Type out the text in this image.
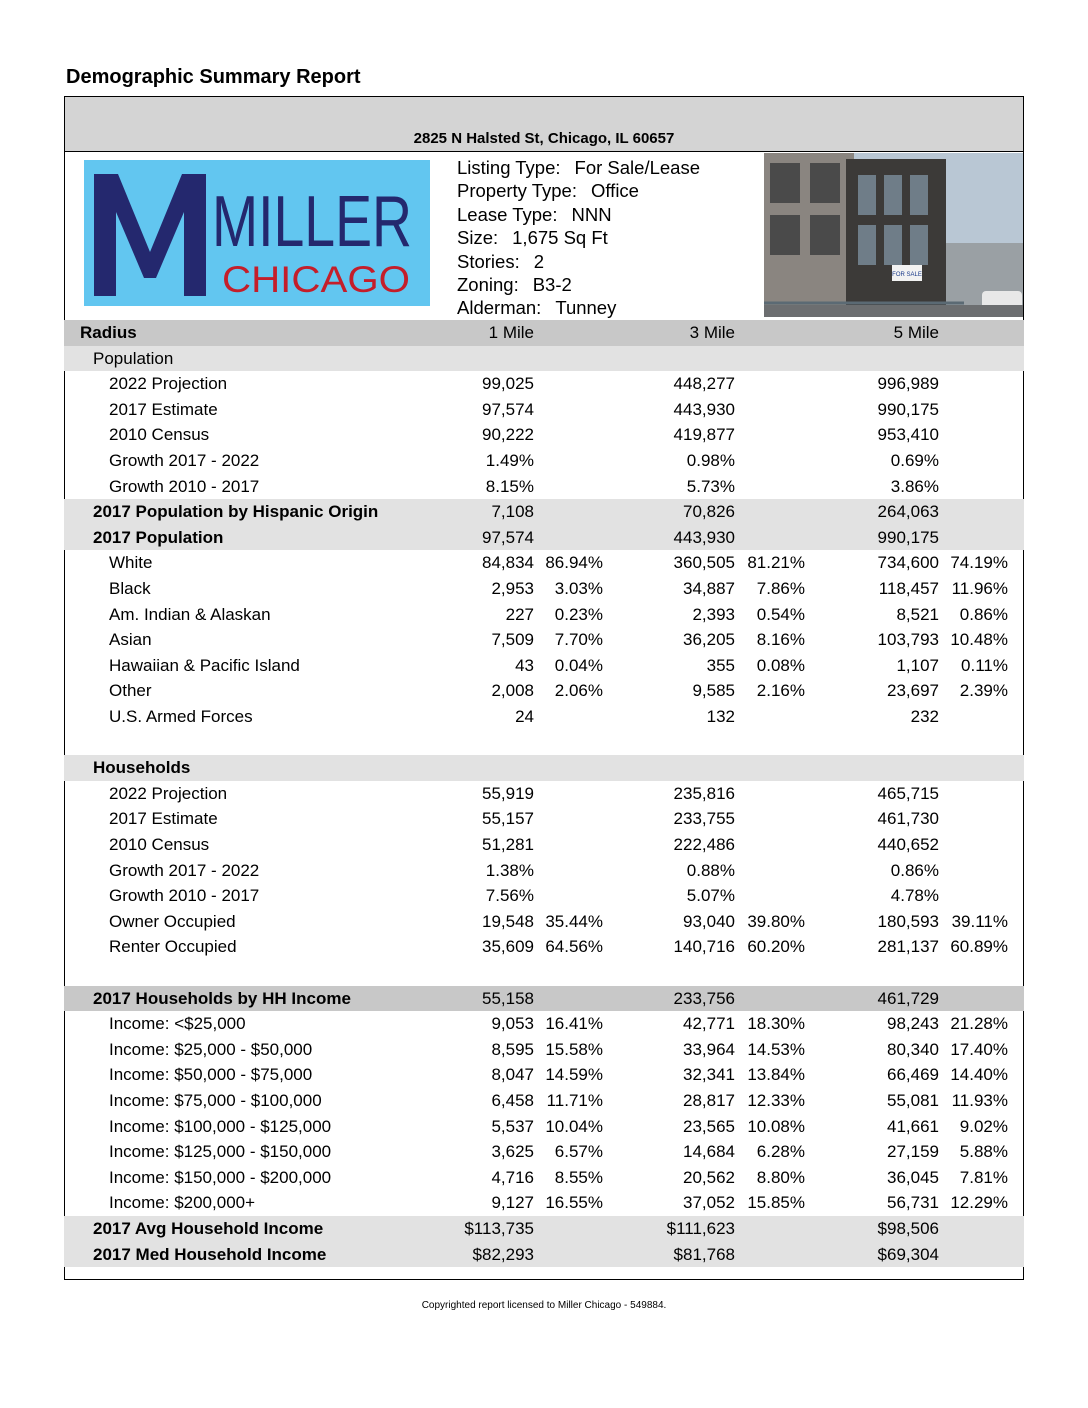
Demographic Summary Report
2825 N Halsted St, Chicago, IL 60657
MILLER
CHICAGO
Listing Type: For Sale/Lease
Property Type: Office
Lease Type: NNN
Size: 1,675 Sq Ft
Stories: 2
Zoning: B3-2
Alderman: Tunney
FOR SALE
Radius	1 Mile	3 Mile	5 Mile
Population
2022 Projection	99,025	448,277	996,989
2017 Estimate	97,574	443,930	990,175
2010 Census	90,222	419,877	953,410
Growth 2017 - 2022	1.49%	0.98%	0.69%
Growth 2010 - 2017	8.15%	5.73%	3.86%
2017 Population by Hispanic Origin	7,108	70,826	264,063
2017 Population	97,574	443,930	990,175
White	84,834 86.94%	360,505 81.21%	734,600 74.19%
Black	2,953 3.03%	34,887 7.86%	118,457 11.96%
Am. Indian & Alaskan	227 0.23%	2,393 0.54%	8,521 0.86%
Asian	7,509 7.70%	36,205 8.16%	103,793 10.48%
Hawaiian & Pacific Island	43 0.04%	355 0.08%	1,107 0.11%
Other	2,008 2.06%	9,585 2.16%	23,697 2.39%
U.S. Armed Forces	24	132	232
Households
2022 Projection	55,919	235,816	465,715
2017 Estimate	55,157	233,755	461,730
2010 Census	51,281	222,486	440,652
Growth 2017 - 2022	1.38%	0.88%	0.86%
Growth 2010 - 2017	7.56%	5.07%	4.78%
Owner Occupied	19,548 35.44%	93,040 39.80%	180,593 39.11%
Renter Occupied	35,609 64.56%	140,716 60.20%	281,137 60.89%
2017 Households by HH Income	55,158	233,756	461,729
Income: <$25,000	9,053 16.41%	42,771 18.30%	98,243 21.28%
Income: $25,000 - $50,000	8,595 15.58%	33,964 14.53%	80,340 17.40%
Income: $50,000 - $75,000	8,047 14.59%	32,341 13.84%	66,469 14.40%
Income: $75,000 - $100,000	6,458 11.71%	28,817 12.33%	55,081 11.93%
Income: $100,000 - $125,000	5,537 10.04%	23,565 10.08%	41,661 9.02%
Income: $125,000 - $150,000	3,625 6.57%	14,684 6.28%	27,159 5.88%
Income: $150,000 - $200,000	4,716 8.55%	20,562 8.80%	36,045 7.81%
Income: $200,000+	9,127 16.55%	37,052 15.85%	56,731 12.29%
2017 Avg Household Income	$113,735	$111,623	$98,506
2017 Med Household Income	$82,293	$81,768	$69,304
Copyrighted report licensed to Miller Chicago - 549884.
